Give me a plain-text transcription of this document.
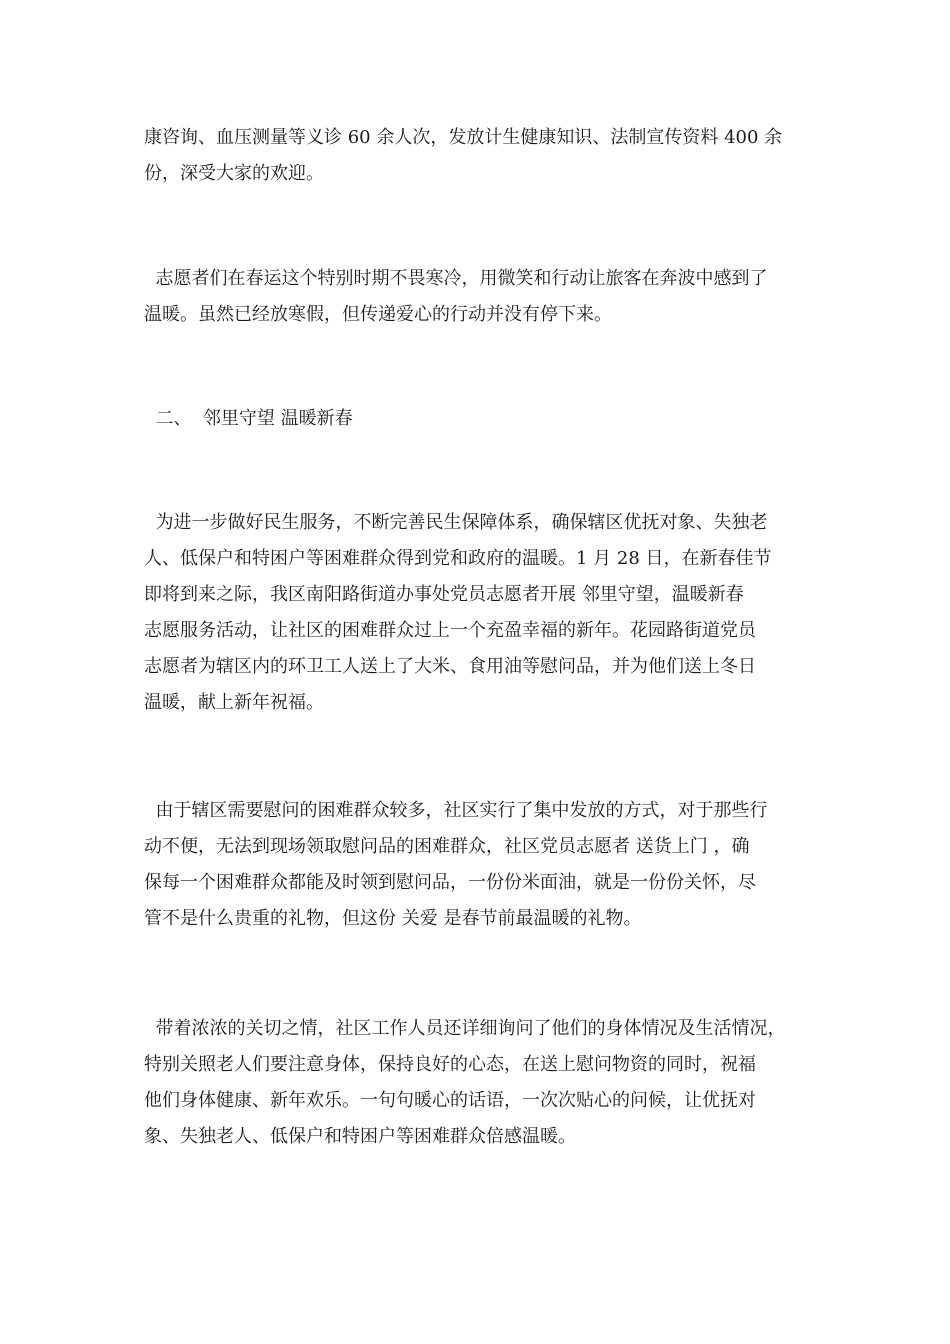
康咨询、血压测量等义诊 60 余人次，发放计生健康知识、法制宣传资料 400 余
份，深受大家的欢迎。
志愿者们在春运这个特别时期不畏寒冷，用微笑和行动让旅客在奔波中感到了
温暖。虽然已经放寒假，但传递爱心的行动并没有停下来。
二、  邻里守望 温暖新春
为进一步做好民生服务，不断完善民生保障体系，确保辖区优抚对象、失独老
人、低保户和特困户等困难群众得到党和政府的温暖。1 月 28 日，在新春佳节
即将到来之际，我区南阳路街道办事处党员志愿者开展 邻里守望，温暖新春
志愿服务活动，让社区的困难群众过上一个充盈幸福的新年。花园路街道党员
志愿者为辖区内的环卫工人送上了大米、食用油等慰问品，并为他们送上冬日
温暖，献上新年祝福。
由于辖区需要慰问的困难群众较多，社区实行了集中发放的方式，对于那些行
动不便，无法到现场领取慰问品的困难群众，社区党员志愿者 送货上门 ，确
保每一个困难群众都能及时领到慰问品，一份份米面油，就是一份份关怀，尽
管不是什么贵重的礼物，但这份 关爱 是春节前最温暖的礼物。
带着浓浓的关切之情，社区工作人员还详细询问了他们的身体情况及生活情况，
特别关照老人们要注意身体，保持良好的心态，在送上慰问物资的同时，祝福
他们身体健康、新年欢乐。一句句暖心的话语，一次次贴心的问候，让优抚对
象、失独老人、低保户和特困户等困难群众倍感温暖。
